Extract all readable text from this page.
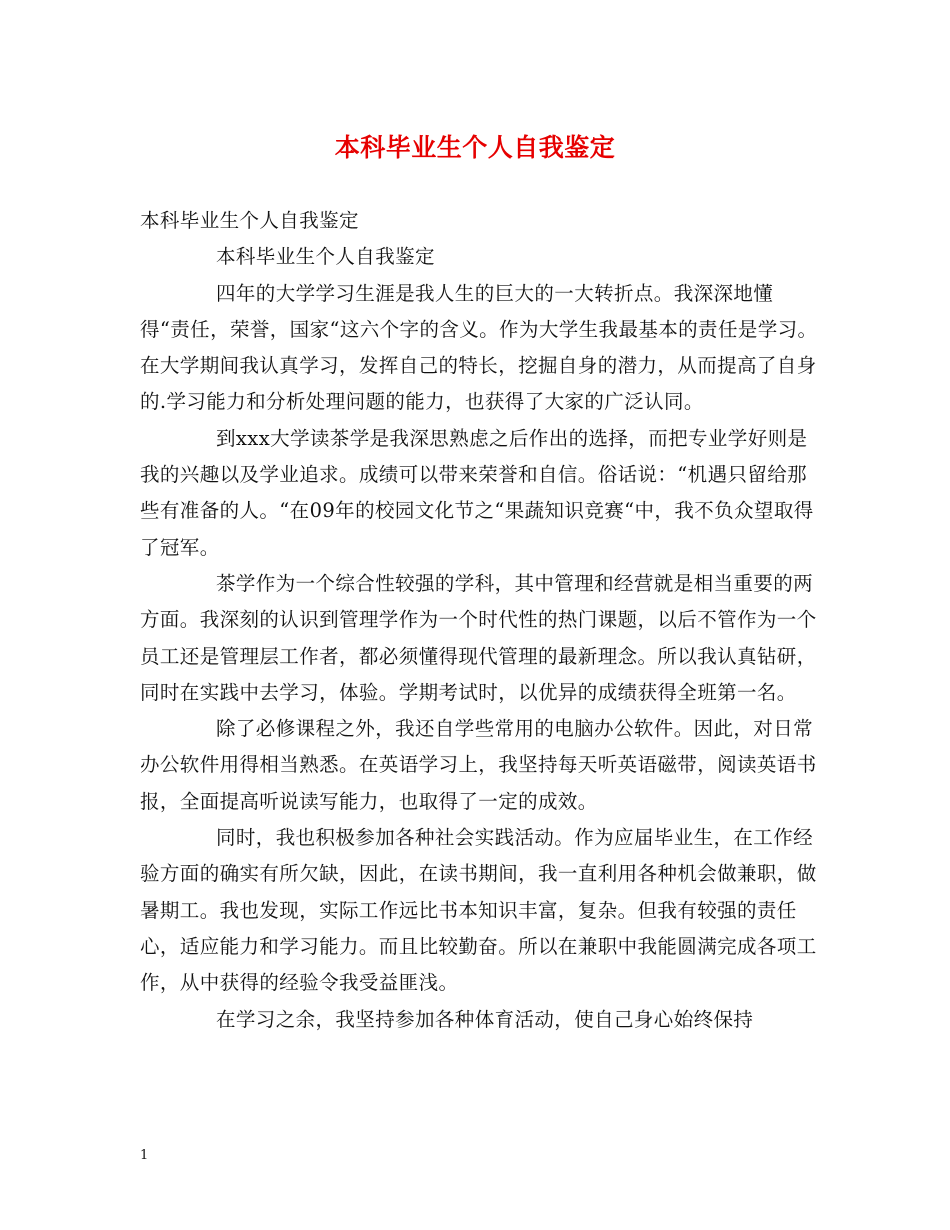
本科毕业生个人自我鉴定

本科毕业生个人自我鉴定

本科毕业生个人自我鉴定

四年的大学学习生涯是我人生的巨大的一大转折点。我深深地懂得“责任，荣誉，国家“这六个字的含义。作为大学生我最基本的责任是学习。在大学期间我认真学习，发挥自己的特长，挖掘自身的潜力，从而提高了自身的.学习能力和分析处理问题的能力，也获得了大家的广泛认同。

到xxx大学读茶学是我深思熟虑之后作出的选择，而把专业学好则是我的兴趣以及学业追求。成绩可以带来荣誉和自信。俗话说：“机遇只留给那些有准备的人。“在09年的校园文化节之“果蔬知识竞赛“中，我不负众望取得了冠军。

茶学作为一个综合性较强的学科，其中管理和经营就是相当重要的两方面。我深刻的认识到管理学作为一个时代性的热门课题，以后不管作为一个员工还是管理层工作者，都必须懂得现代管理的最新理念。所以我认真钻研，同时在实践中去学习，体验。学期考试时，以优异的成绩获得全班第一名。

除了必修课程之外，我还自学些常用的电脑办公软件。因此，对日常办公软件用得相当熟悉。在英语学习上，我坚持每天听英语磁带，阅读英语书报，全面提高听说读写能力，也取得了一定的成效。

同时，我也积极参加各种社会实践活动。作为应届毕业生，在工作经验方面的确实有所欠缺，因此，在读书期间，我一直利用各种机会做兼职，做暑期工。我也发现，实际工作远比书本知识丰富，复杂。但我有较强的责任心，适应能力和学习能力。而且比较勤奋。所以在兼职中我能圆满完成各项工作，从中获得的经验令我受益匪浅。

在学习之余，我坚持参加各种体育活动，使自己身心始终保持

1
